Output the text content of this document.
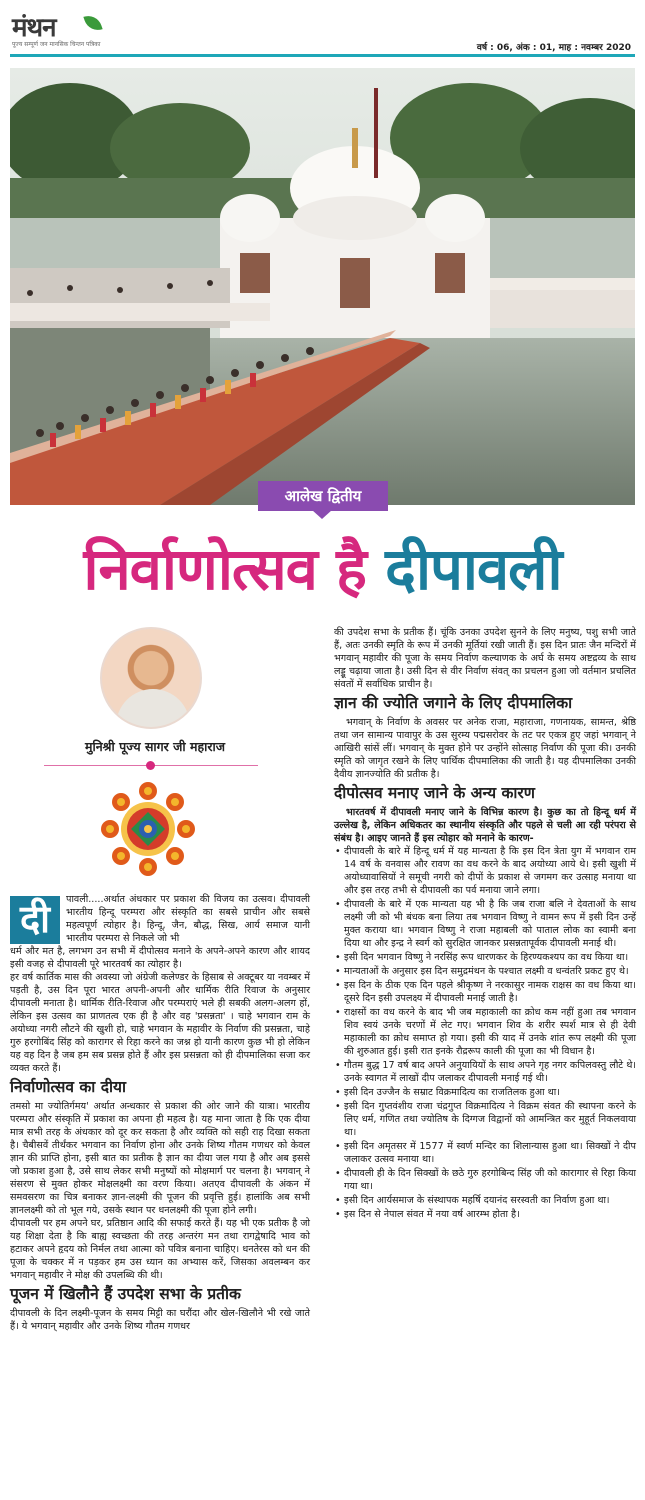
मंथन
पूज्य सम्पूर्ण जन मानसिक चिन्तन पत्रिका	वर्ष : 06, अंक : 01, माह : नवम्बर 2020
आलेख द्वितीय
निर्वाणोत्सव है दीपावली
मुनिश्री पूज्य सागर जी महाराज
दी	पावली.....अर्थात अंधकार पर प्रकाश की विजय का उत्सव। दीपावली भारतीय हिन्दू परम्परा और संस्कृति का सबसे प्राचीन और सबसे महत्वपूर्ण त्योहार है। हिन्दू, जैन, बौद्ध, सिख, आर्य समाज यानी भारतीय परम्परा से निकले जो भी

धर्म और मत है, लगभग उन सभी में दीपोत्सव मनाने के अपने-अपने कारण और शायद इसी वजह से दीपावली पूरे भारतवर्ष का त्योहार है।

हर वर्ष कार्तिक मास की अवस्या जो अंग्रेजी कलेण्डर के हिसाब से अक्टूबर या नवम्बर में पड़ती है, उस दिन पूरा भारत अपनी-अपनी और धार्मिक रीति रिवाज के अनुसार दीपावली मनाता है। धार्मिक रीति-रिवाज और परम्पराएं भले ही सबकी अलग-अलग हों, लेकिन इस उत्सव का प्राणतत्व एक ही है और वह 'प्रसन्नता' । चाहे भगवान राम के अयोध्या नगरी लौटने की खुशी हो, चाहे भगवान के महावीर के निर्वाण की प्रसन्नता, चाहे गुरु हरगोबिंद सिंह को कारागर से रिहा करने का जश्न हो यानी कारण कुछ भी हो लेकिन यह वह दिन है जब हम सब प्रसन्न होते हैं और इस प्रसन्नता को ही दीपमालिका सजा कर व्यक्त करते हैं।

निर्वाणोत्सव का दीया

तमसो मा ज्योतिर्गमय' अर्थात अन्धकार से प्रकाश की ओर जाने की यात्रा। भारतीय परम्परा और संस्कृति में प्रकाश का अपना ही महत्व है। यह माना जाता है कि एक दीया मात्र सभी तरह के अंधकार को दूर कर सकता है और व्यक्ति को सही राह दिखा सकता है। चैबीसवें तीर्थंकर भगवान का निर्वाण होना और उनके शिष्य गौतम गणधर को केवल ज्ञान की प्राप्ति होना, इसी बात का प्रतीक है ज्ञान का दीया जल गया है और अब इससे जो प्रकाश हुआ है, उसे साथ लेकर सभी मनुष्यों को मोक्षमार्ग पर चलना है। भगवान् ने संसरण से मुक्त होकर मोक्षलक्ष्मी का वरण किया। अतएव दीपावली के अंकन में समवसरण का चित्र बनाकर ज्ञान-लक्ष्मी की पूजन की प्रवृत्ति हुई। हालांकि अब सभी ज्ञानलक्ष्मी को तो भूल गये, उसके स्थान पर धनलक्ष्मी की पूजा होने लगी।

दीपावली पर हम अपने घर, प्रतिष्ठान आदि की सफाई करते हैं। यह भी एक प्रतीक है जो यह शिक्षा देता है कि बाह्य स्वच्छता की तरह अन्तरंग मन तथा रागद्वेषादि भाव को हटाकर अपने हृदय को निर्मल तथा आत्मा को पवित्र बनाना चाहिए। धनतेरस को धन की पूजा के चक्कर में न पड़कर हम उस ध्यान का अभ्यास करें, जिसका अवलम्बन कर भगवान् महावीर ने मोक्ष की उपलब्धि की थी।

पूजन में खिलौने हैं उपदेश सभा के प्रतीक

दीपावली के दिन लक्ष्मी-पूजन के समय मिट्टी का घरौंदा और खेल-खिलौने भी रखे जाते हैं। ये भगवान् महावीर और उनके शिष्य गौतम गणधर

की उपदेश सभा के प्रतीक हैं। चूंकि उनका उपदेश सुनने के लिए मनुष्य, पशु सभी जाते हैं, अतः उनकी स्मृति के रूप में उनकी मूर्तियां रखी जाती हैं। इस दिन प्रातः जैन मन्दिरों में भगवान् महावीर की पूजा के समय निर्वाण कल्याणक के अर्घ के समय अष्टद्रव्य के साथ लड्डू चढ़ाया जाता है। उसी दिन से वीर निर्वाण संवत् का प्रचलन हुआ जो वर्तमान प्रचलित संवतों में सर्वाधिक प्राचीन है।

ज्ञान की ज्योति जगाने के लिए दीपमालिका

भगवान् के निर्वाण के अवसर पर अनेक राजा, महाराजा, गणनायक, सामन्त, श्रेष्ठि तथा जन सामान्य पावापुर के उस सुरम्य पद्मसरोवर के तट पर एकत्र हुए जहां भगवान् ने आखिरी सांसें लीं। भगवान् के मुक्त होने पर उन्होंने सोत्साह निर्वाण की पूजा की। उनकी स्मृति को जागृत रखने के लिए पार्थिक दीपमालिका की जाती है। यह दीपमालिका उनकी दैवीय ज्ञानज्योति की प्रतीक है।

दीपोत्सव मनाए जाने के अन्य कारण

भारतवर्ष में दीपावली मनाए जाने के विभिन्न कारण है। कुछ का तो हिन्दू धर्म में उल्लेख है, लेकिन अधिकतर का स्थानीय संस्कृति और पहले से चली आ रही परंपरा से संबंध है। आइए जानते हैं इस त्योहार को मनाने के कारण-

• दीपावली के बारे में हिन्दू धर्म में यह मान्यता है कि इस दिन त्रेता युग में भगवान राम 14 वर्ष के वनवास और रावण का वध करने के बाद अयोध्या आये थे। इसी खुशी में अयोध्यावासियों ने समूची नगरी को दीपों के प्रकाश से जगमग कर उत्साह मनाया था और इस तरह तभी से दीपावली का पर्व मनाया जाने लगा।
• दीपावली के बारे में एक मान्यता यह भी है कि जब राजा बलि ने देवताओं के साथ लक्ष्मी जी को भी बंधक बना लिया तब भगवान विष्णु ने वामन रूप में इसी दिन उन्हें मुक्त कराया था। भगवान विष्णु ने राजा महाबली को पाताल लोक का स्वामी बना दिया था और इन्द्र ने स्वर्ग को सुरक्षित जानकर प्रसन्नतापूर्वक दीपावली मनाई थी।
• इसी दिन भगवान विष्णु ने नरसिंह रूप धारणकर के हिरण्यकश्यप का वध किया था।
• मान्यताओं के अनुसार इस दिन समुद्रमंथन के पश्चात लक्ष्मी व धन्वंतरि प्रकट हुए थे।
• इस दिन के ठीक एक दिन पहले श्रीकृष्ण ने नरकासुर नामक राक्षस का वध किया था। दूसरे दिन इसी उपलक्ष्य में दीपावली मनाई जाती है।
• राक्षसों का वध करने के बाद भी जब महाकाली का क्रोध कम नहीं हुआ तब भगवान शिव स्वयं उनके चरणों में लेट गए। भगवान शिव के शरीर स्पर्श मात्र से ही देवी महाकाली का क्रोध समाप्त हो गया। इसी की याद में उनके शांत रूप लक्ष्मी की पूजा की शुरुआत हुई। इसी रात इनके रौद्ररूप काली की पूजा का भी विधान है।
• गौतम बुद्ध 17 वर्ष बाद अपने अनुयायियों के साथ अपने गृह नगर कपिलवस्तु लौटे थे। उनके स्वागत में लाखों दीप जलाकर दीपावली मनाई गई थी।
• इसी दिन उज्जैन के सम्राट विक्रमादित्य का राजतिलक हुआ था।
• इसी दिन गुप्तवंशीय राजा चंद्रगुप्त विक्रमादित्य ने विक्रम संवत की स्थापना करने के लिए धर्म, गणित तथा ज्योतिष के दिग्गज विद्वानों को आमन्त्रित कर मुहूर्त निकलवाया था।
• इसी दिन अमृतसर में 1577 में स्वर्ण मन्दिर का शिलान्यास हुआ था। सिक्खों ने दीप जलाकर उत्सव मनाया था।
• दीपावली ही के दिन सिक्खों के छठे गुरु हरगोबिन्द सिंह जी को कारागार से रिहा किया गया था।
• इसी दिन आर्यसमाज के संस्थापक महर्षि दयानंद सरस्वती का निर्वाण हुआ था।
• इस दिन से नेपाल संवत में नया वर्ष आरम्भ होता है।
